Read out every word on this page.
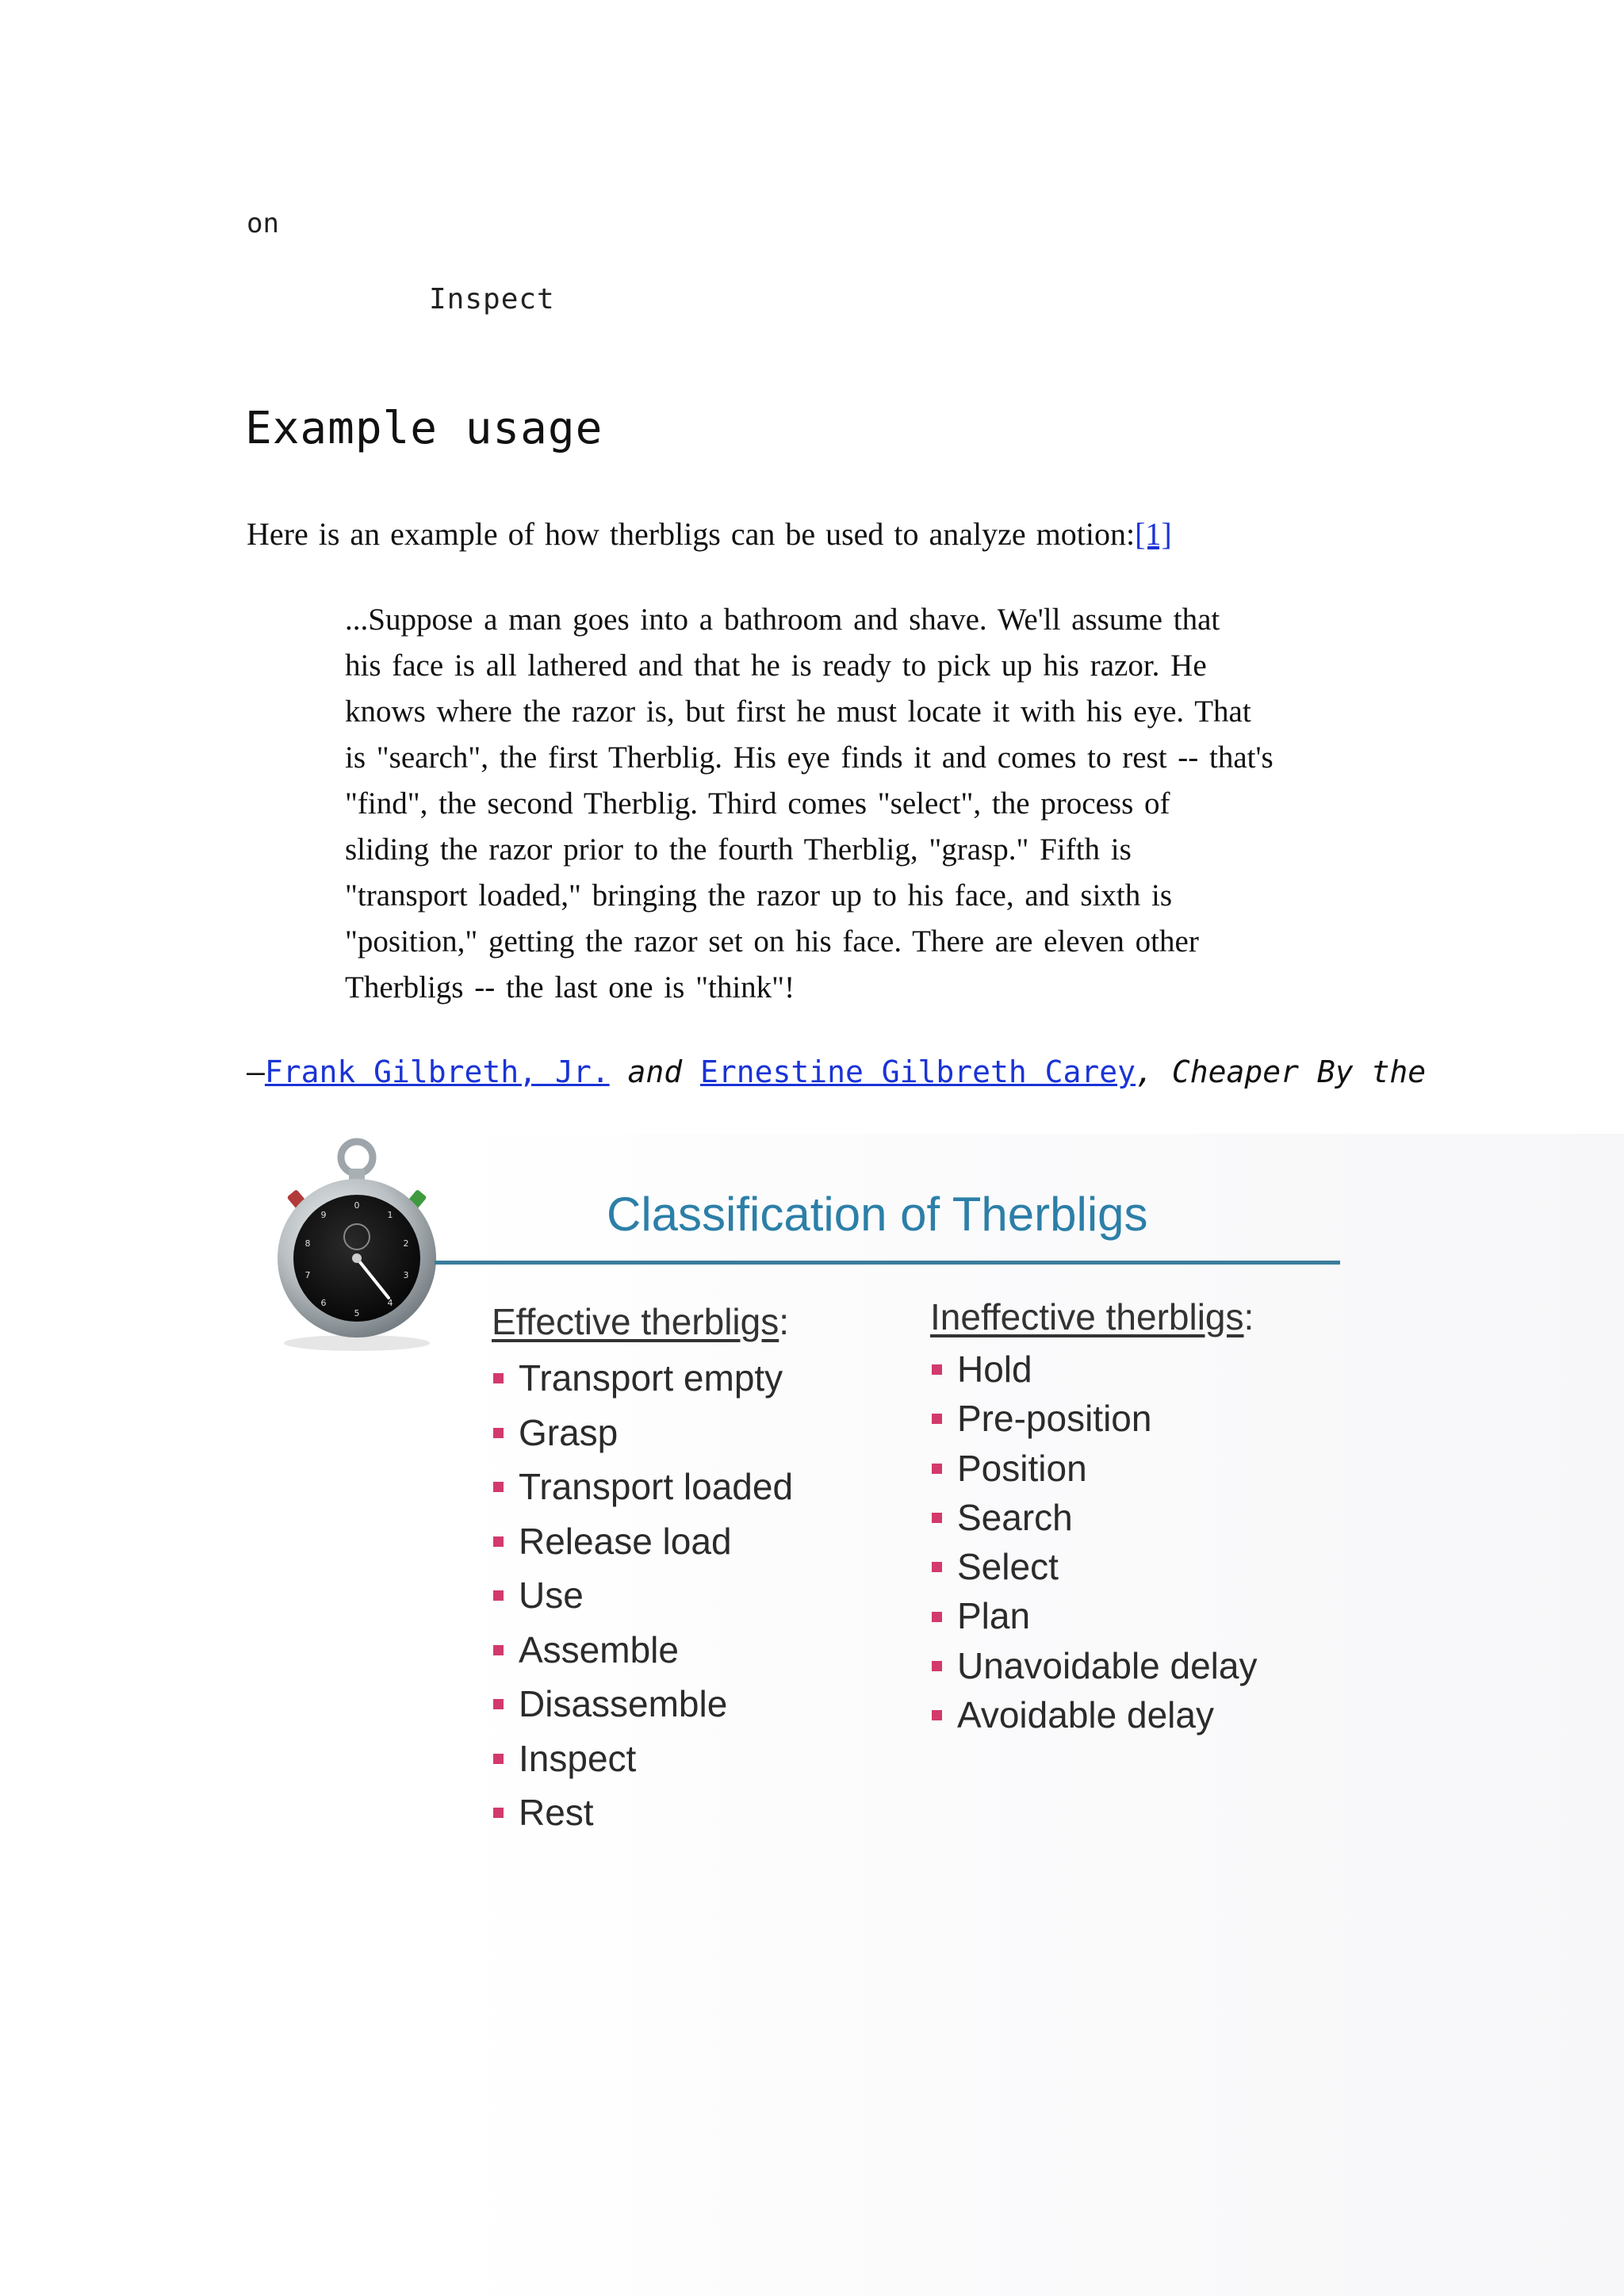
on
Inspect
Example usage
Here is an example of how therbligs can be used to analyze motion:[1]
...Suppose a man goes into a bathroom and shave. We'll assume that
his face is all lathered and that he is ready to pick up his razor. He
knows where the razor is, but first he must locate it with his eye. That
is "search", the first Therblig. His eye finds it and comes to rest -- that's
"find", the second Therblig. Third comes "select", the process of
sliding the razor prior to the fourth Therblig, "grasp." Fifth is
"transport loaded," bringing the razor up to his face, and sixth is
"position," getting the razor set on his face. There are eleven other
Therbligs -- the last one is "think"!
—Frank Gilbreth, Jr. and Ernestine Gilbreth Carey, Cheaper By the
0
1
2
3
4
5
6
7
8
9	Classification of Therbligs
Effective therbligs:
Transport empty
Grasp
Transport loaded
Release load
Use
Assemble
Disassemble
Inspect
Rest
Ineffective therbligs:
Hold
Pre-position
Position
Search
Select
Plan
Unavoidable delay
Avoidable delay
